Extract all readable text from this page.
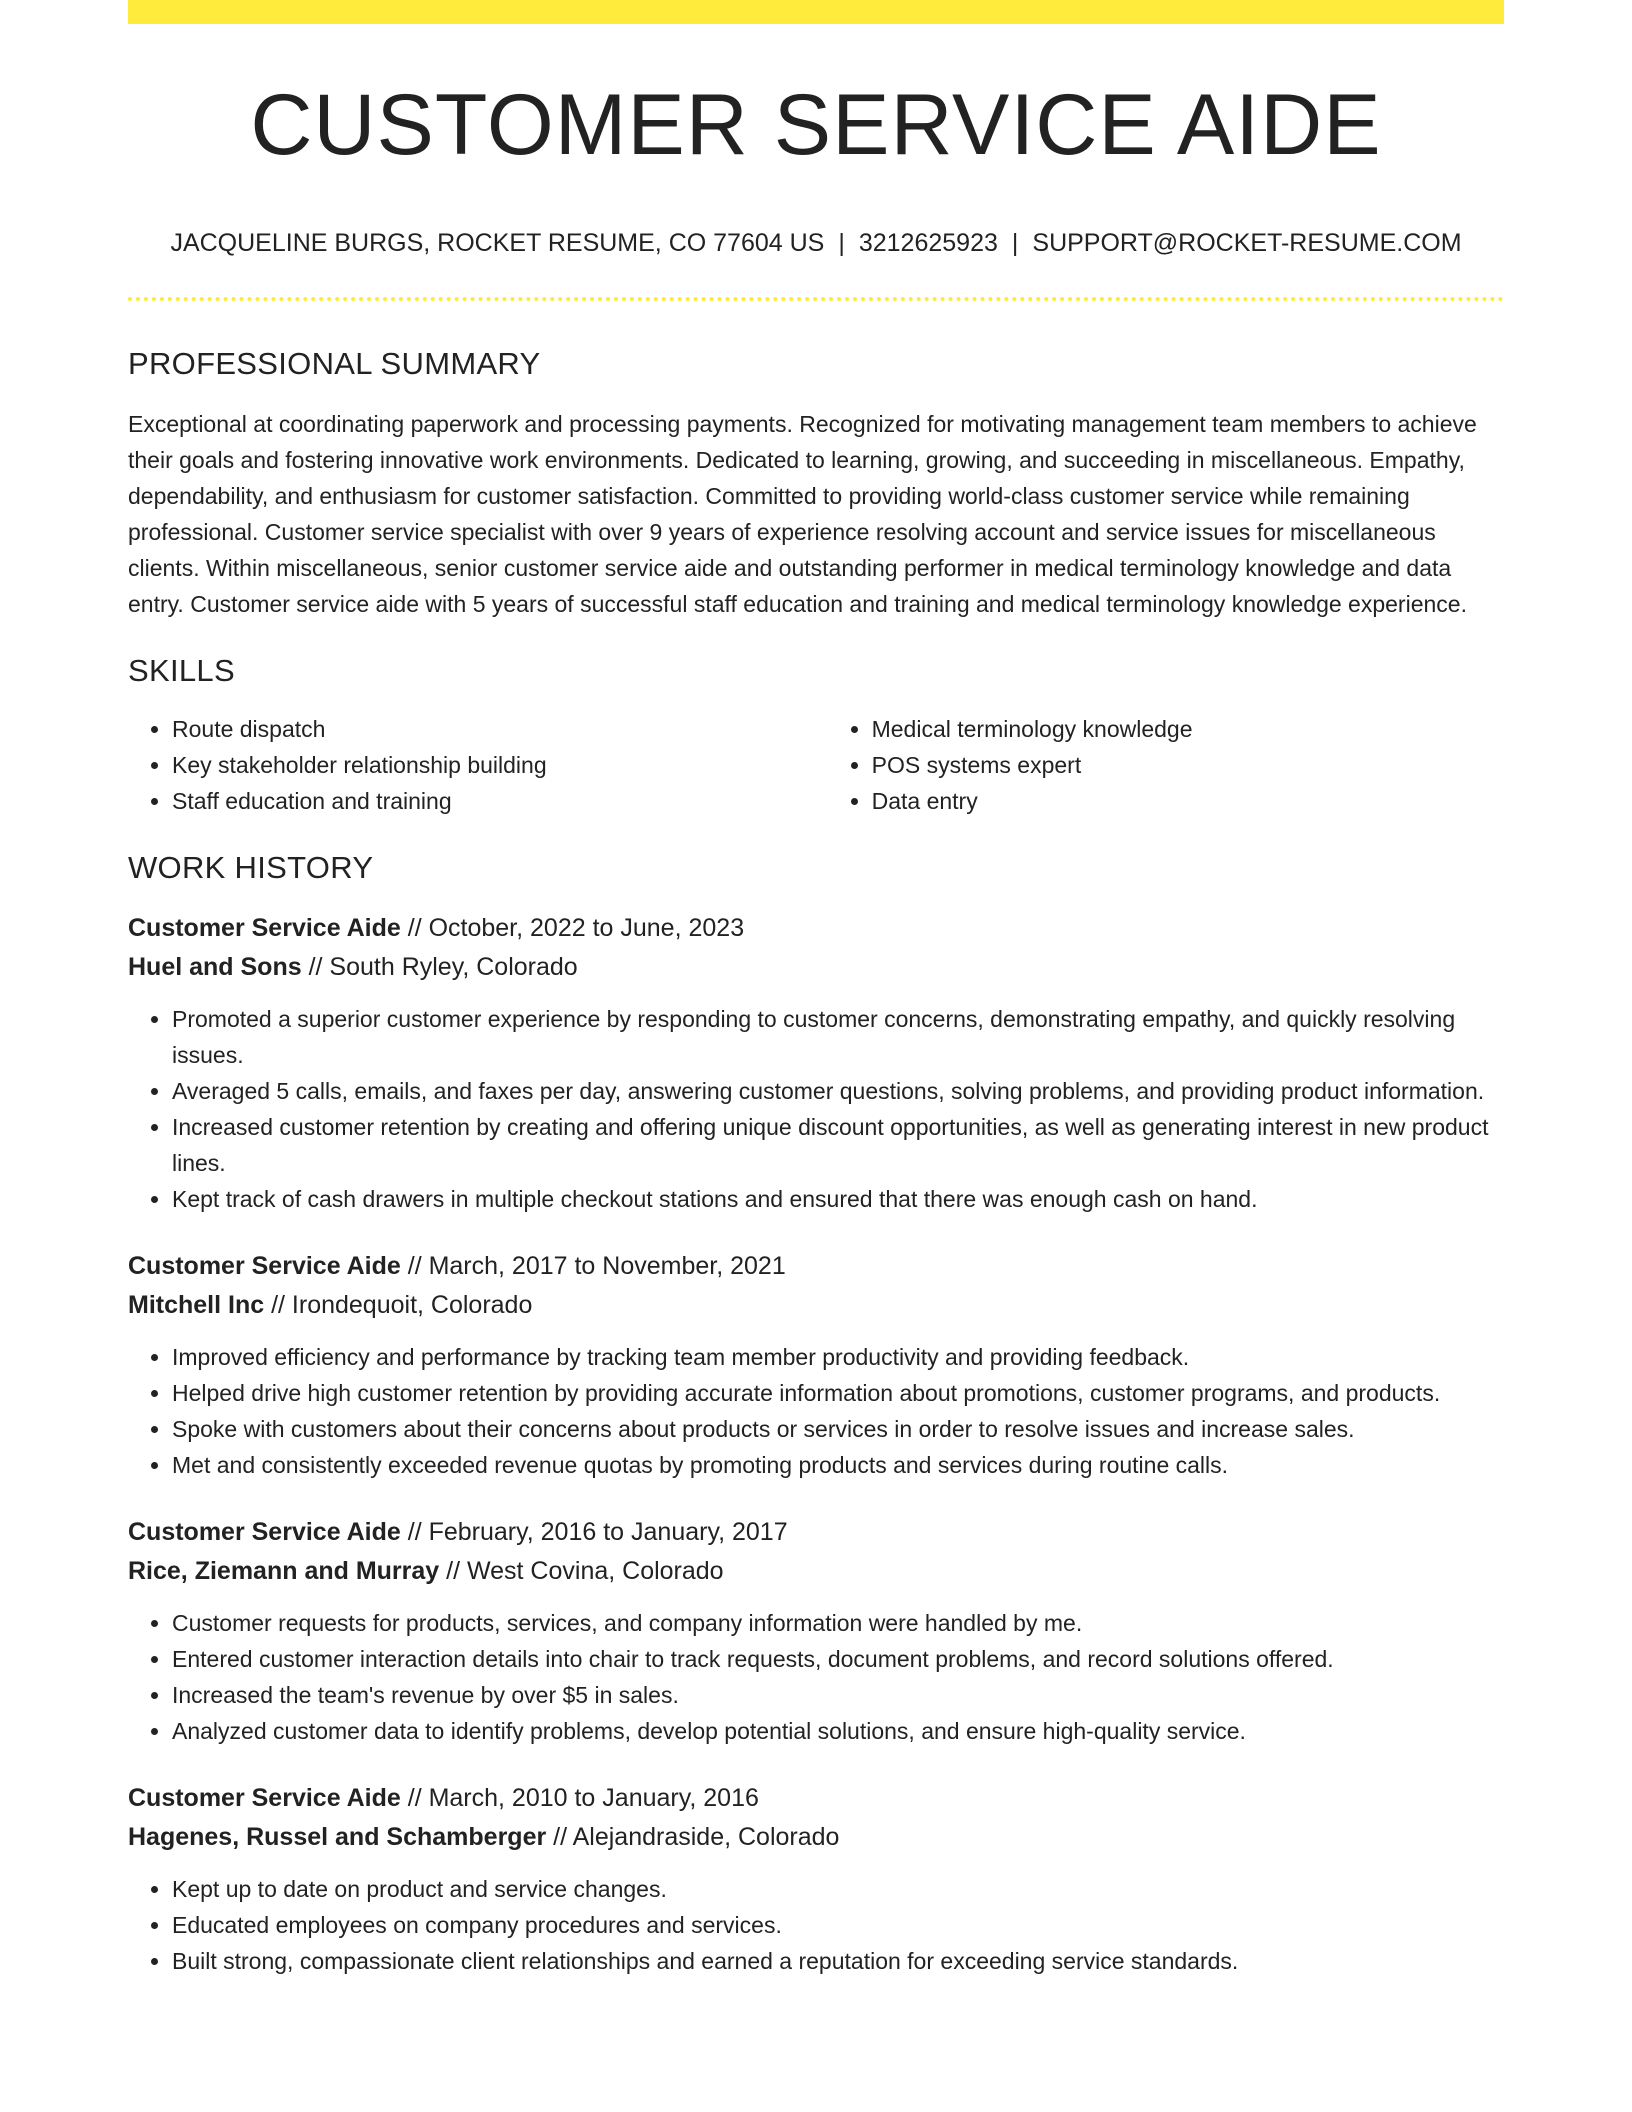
CUSTOMER SERVICE AIDE
JACQUELINE BURGS, ROCKET RESUME, CO 77604 US | 3212625923 | SUPPORT@ROCKET-RESUME.COM
PROFESSIONAL SUMMARY

Exceptional at coordinating paperwork and processing payments. Recognized for motivating management team members to achieve their goals and fostering innovative work environments. Dedicated to learning, growing, and succeeding in miscellaneous. Empathy, dependability, and enthusiasm for customer satisfaction. Committed to providing world-class customer service while remaining professional. Customer service specialist with over 9 years of experience resolving account and service issues for miscellaneous clients. Within miscellaneous, senior customer service aide and outstanding performer in medical terminology knowledge and data entry. Customer service aide with 5 years of successful staff education and training and medical terminology knowledge experience.

SKILLS
• Route dispatch
• Key stakeholder relationship building
• Staff education and training
• Medical terminology knowledge
• POS systems expert
• Data entry
WORK HISTORY
Customer Service Aide // October, 2022 to June, 2023
Huel and Sons // South Ryley, Colorado
• Promoted a superior customer experience by responding to customer concerns, demonstrating empathy, and quickly resolving issues.
• Averaged 5 calls, emails, and faxes per day, answering customer questions, solving problems, and providing product information.
• Increased customer retention by creating and offering unique discount opportunities, as well as generating interest in new product lines.
• Kept track of cash drawers in multiple checkout stations and ensured that there was enough cash on hand.
Customer Service Aide // March, 2017 to November, 2021
Mitchell Inc // Irondequoit, Colorado
• Improved efficiency and performance by tracking team member productivity and providing feedback.
• Helped drive high customer retention by providing accurate information about promotions, customer programs, and products.
• Spoke with customers about their concerns about products or services in order to resolve issues and increase sales.
• Met and consistently exceeded revenue quotas by promoting products and services during routine calls.
Customer Service Aide // February, 2016 to January, 2017
Rice, Ziemann and Murray // West Covina, Colorado
• Customer requests for products, services, and company information were handled by me.
• Entered customer interaction details into chair to track requests, document problems, and record solutions offered.
• Increased the team's revenue by over $5 in sales.
• Analyzed customer data to identify problems, develop potential solutions, and ensure high-quality service.
Customer Service Aide // March, 2010 to January, 2016
Hagenes, Russel and Schamberger // Alejandraside, Colorado
• Kept up to date on product and service changes.
• Educated employees on company procedures and services.
• Built strong, compassionate client relationships and earned a reputation for exceeding service standards.
